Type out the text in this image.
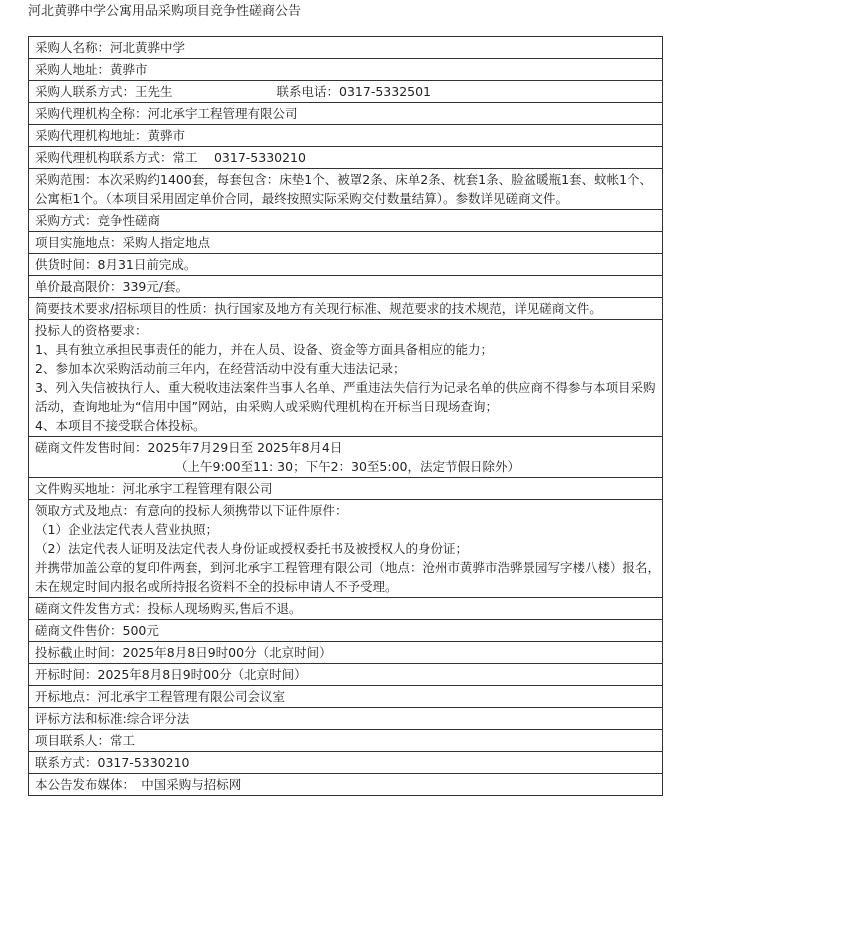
河北黄骅中学公寓用品采购项目竞争性磋商公告
采购人名称：河北黄骅中学
采购人地址：黄骅市
采购人联系方式：王先生	联系电话：0317-5332501
采购代理机构全称：河北承宇工程管理有限公司
采购代理机构地址：黄骅市
采购代理机构联系方式：常工　 0317-5330210
采购范围：本次采购约1400套，每套包含：床垫1个、被罩2条、床单2条、枕套1条、脸盆暖瓶1套、蚊帐1个、公寓柜1个。（本项目采用固定单价合同，最终按照实际采购交付数量结算）。参数详见磋商文件。
采购方式：竞争性磋商
项目实施地点：采购人指定地点
供货时间：8月31日前完成。
单价最高限价：339元/套。
简要技术要求/招标项目的性质：执行国家及地方有关现行标准、规范要求的技术规范，详见磋商文件。

投标人的资格要求：
1、具有独立承担民事责任的能力，并在人员、设备、资金等方面具备相应的能力；
2、参加本次采购活动前三年内，在经营活动中没有重大违法记录；
3、列入失信被执行人、重大税收违法案件当事人名单、严重违法失信行为记录名单的供应商不得参与本项目采购活动，查询地址为“信用中国”网站，由采购人或采购代理机构在开标当日现场查询；
4、本项目不接受联合体投标。

磋商文件发售时间：2025年7月29日至 2025年8月4日
（上午9:00至11: 30；下午2：30至5:00，法定节假日除外）

文件购买地址：河北承宇工程管理有限公司

领取方式及地点：有意向的投标人须携带以下证件原件：
（1）企业法定代表人营业执照；
（2）法定代表人证明及法定代表人身份证或授权委托书及被授权人的身份证；
并携带加盖公章的复印件两套，到河北承宇工程管理有限公司（地点：沧州市黄骅市浩骅景园写字楼八楼）报名，未在规定时间内报名或所持报名资料不全的投标申请人不予受理。

磋商文件发售方式：投标人现场购买,售后不退。
磋商文件售价：500元
投标截止时间：2025年8月8日9时00分（北京时间）
开标时间：2025年8月8日9时00分（北京时间）
开标地点：河北承宇工程管理有限公司会议室
评标方法和标准:综合评分法
项目联系人：常工
联系方式：0317-5330210
本公告发布媒体：　中国采购与招标网
